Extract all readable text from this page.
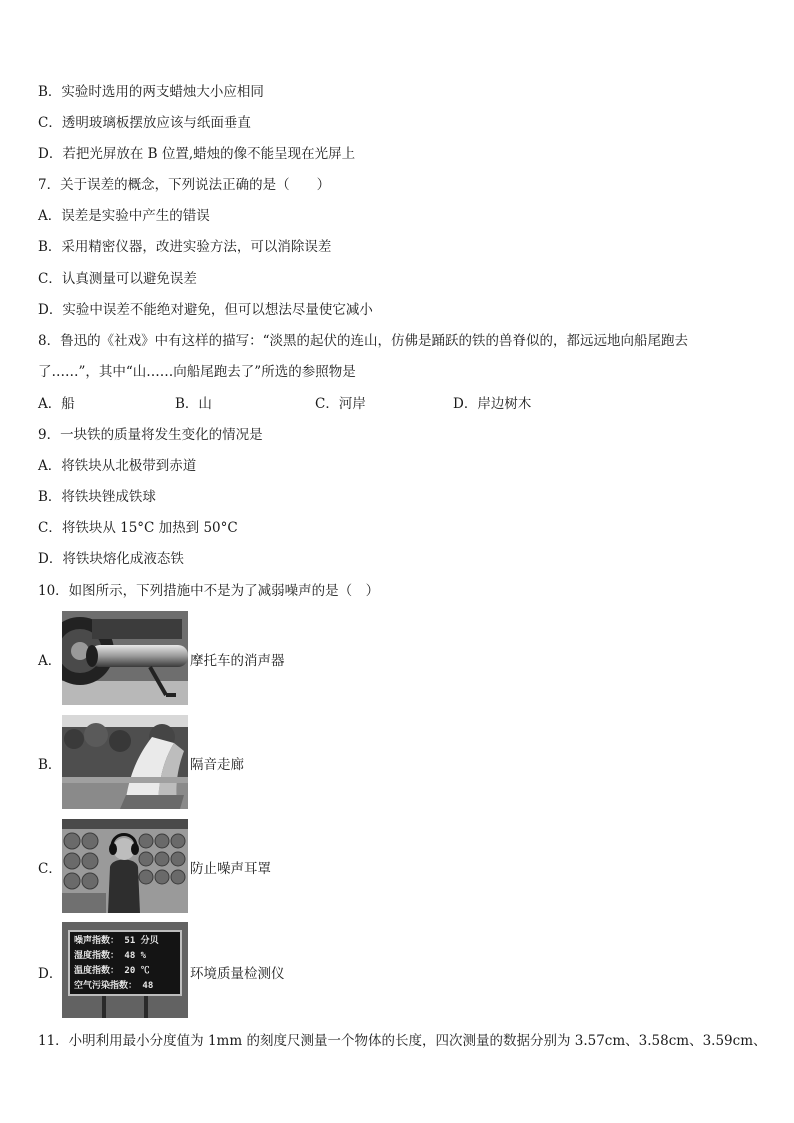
B．实验时选用的两支蜡烛大小应相同
C．透明玻璃板摆放应该与纸面垂直
D．若把光屏放在 B 位置,蜡烛的像不能呈现在光屏上
7．关于误差的概念，下列说法正确的是（　　）
A．误差是实验中产生的错误
B．采用精密仪器，改进实验方法，可以消除误差
C．认真测量可以避免误差
D．实验中误差不能绝对避免，但可以想法尽量使它减小
8．鲁迅的《社戏》中有这样的描写：“淡黑的起伏的连山，仿佛是踊跃的铁的兽脊似的，都远远地向船尾跑去
了……”，其中“山……向船尾跑去了”所选的参照物是
A．船	B．山	C．河岸	D．岸边树木
9．一块铁的质量将发生变化的情况是
A．将铁块从北极带到赤道
B．将铁块锉成铁球
C．将铁块从 15°C 加热到 50°C
D．将铁块熔化成液态铁
10．如图所示，下列措施中不是为了减弱噪声的是（　）
A．	摩托车的消声器
B．	隔音走廊
C．	防止噪声耳罩
D．
噪声指数： 51 分贝
湿度指数： 48 %
温度指数： 20 ℃
空气污染指数： 48
环境质量检测仪
11．小明利用最小分度值为 1mm 的刻度尺测量一个物体的长度，四次测量的数据分别为 3.57cm、3.58cm、3.59cm、
